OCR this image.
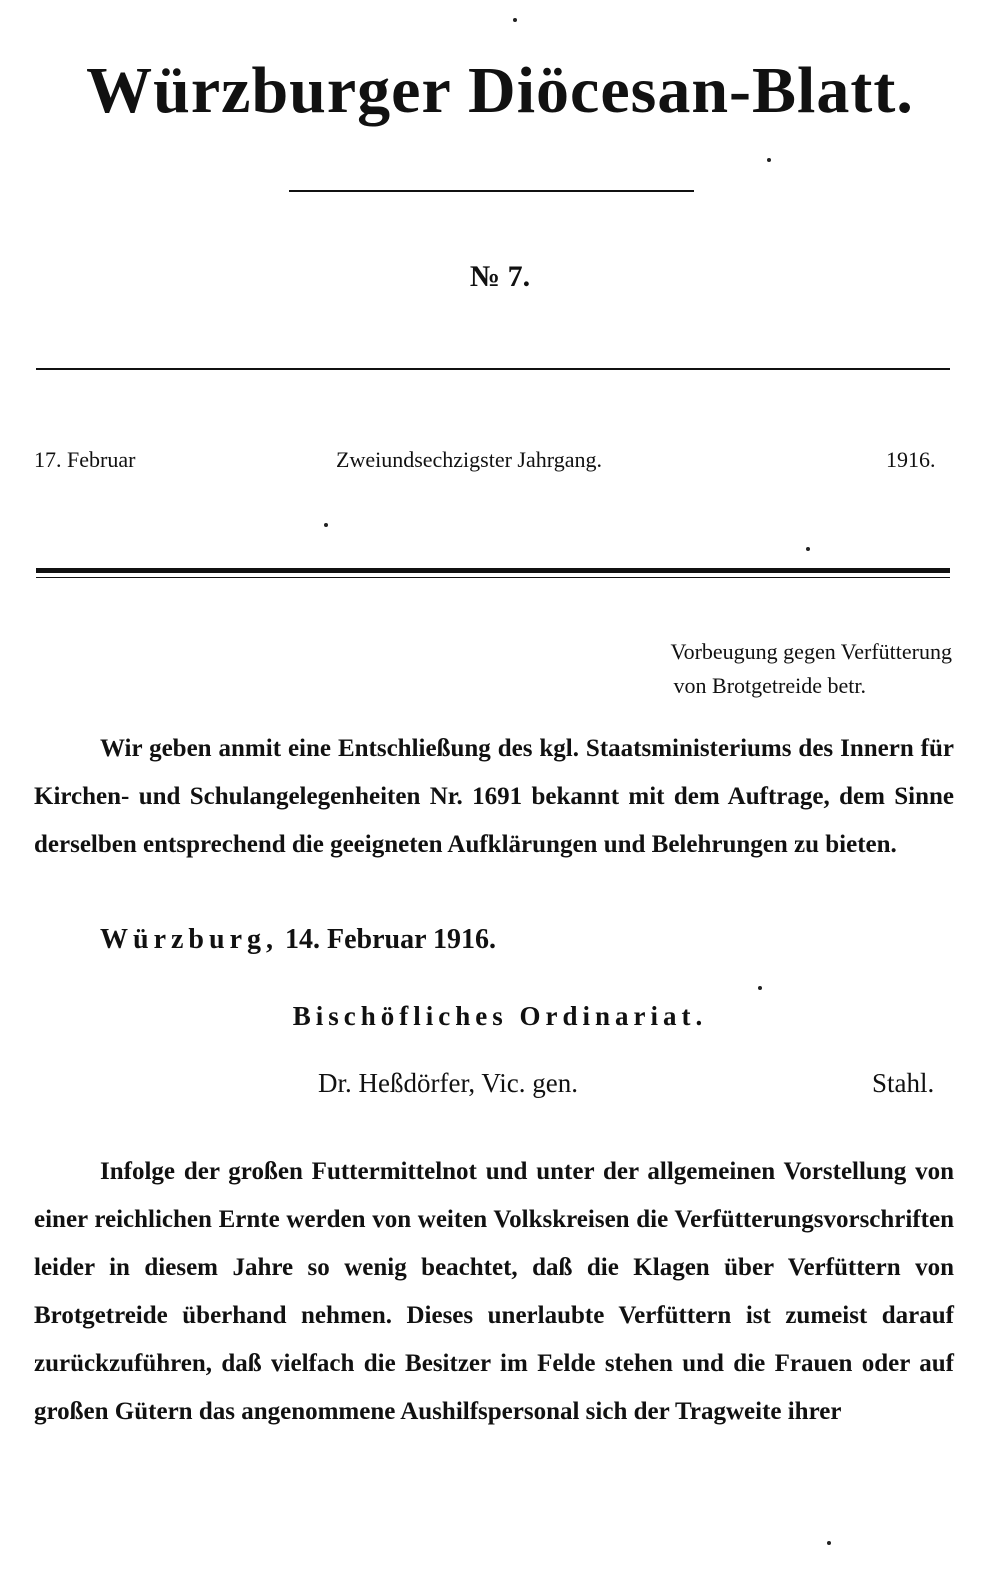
Würzburger Diöcesan-Blatt.
№ 7.
17. Februar	Zweiundsechzigster Jahrgang.	1916.
Vorbeugung gegen Verfütterung
von Brotgetreide betr.

Wir geben anmit eine Entschließung des kgl. Staatsministeriums des Innern für Kirchen- und Schulangelegenheiten Nr. 1691 bekannt mit dem Auftrage, dem Sinne derselben entsprechend die geeigneten Aufklärungen und Belehrungen zu bieten.

Würzburg, 14. Februar 1916.
Bischöfliches Ordinariat.
Dr. Heßdörfer, Vic. gen.	Stahl.

Infolge der großen Futtermittelnot und unter der allgemeinen Vorstellung von einer reichlichen Ernte werden von weiten Volkskreisen die Verfütterungsvorschriften leider in diesem Jahre so wenig beachtet, daß die Klagen über Verfüttern von Brotgetreide überhand nehmen. Dieses unerlaubte Verfüttern ist zumeist darauf zurückzuführen, daß vielfach die Besitzer im Felde stehen und die Frauen oder auf großen Gütern das angenommene Aushilfspersonal sich der Tragweite ihrer
